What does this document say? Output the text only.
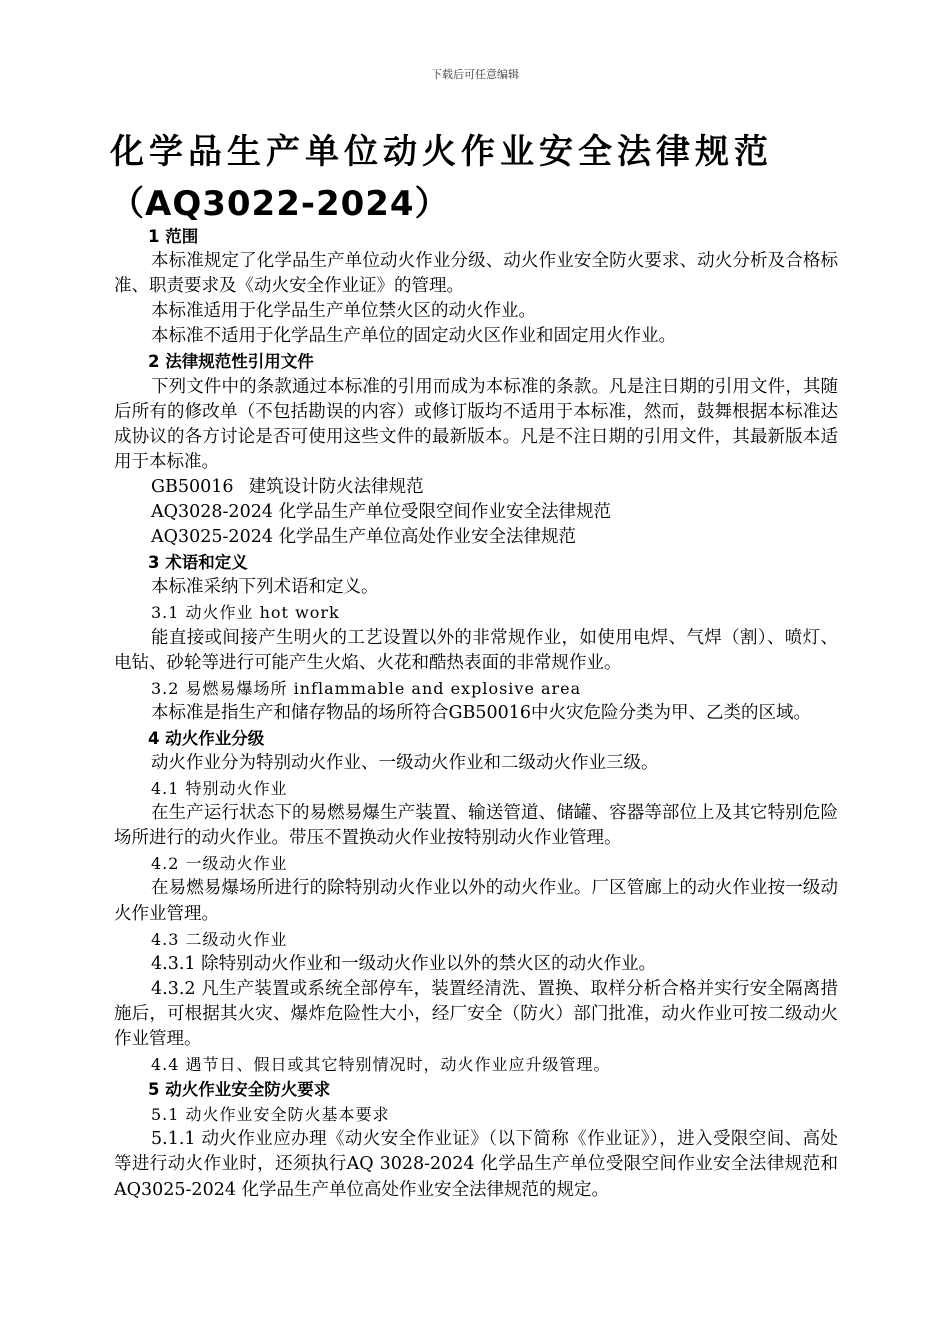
下载后可任意编辑
化学品生产单位动火作业安全法律规范
（AQ3022-2024）

1 范围

本标准规定了化学品生产单位动火作业分级、动火作业安全防火要求、动火分析及合格标准、职责要求及《动火安全作业证》的管理。

本标准适用于化学品生产单位禁火区的动火作业。

本标准不适用于化学品生产单位的固定动火区作业和固定用火作业。

2 法律规范性引用文件

下列文件中的条款通过本标准的引用而成为本标准的条款。凡是注日期的引用文件，其随后所有的修改单（不包括勘误的内容）或修订版均不适用于本标准，然而，鼓舞根据本标准达成协议的各方讨论是否可使用这些文件的最新版本。凡是不注日期的引用文件，其最新版本适用于本标准。

GB50016 建筑设计防火法律规范

AQ3028-2024 化学品生产单位受限空间作业安全法律规范

AQ3025-2024 化学品生产单位高处作业安全法律规范

3 术语和定义

本标准采纳下列术语和定义。

3.1 动火作业 hot work

能直接或间接产生明火的工艺设置以外的非常规作业，如使用电焊、气焊（割）、喷灯、电钻、砂轮等进行可能产生火焰、火花和酷热表面的非常规作业。

3.2 易燃易爆场所 inflammable and explosive area

本标准是指生产和储存物品的场所符合GB50016中火灾危险分类为甲、乙类的区域。

4 动火作业分级

动火作业分为特别动火作业、一级动火作业和二级动火作业三级。

4.1 特别动火作业

在生产运行状态下的易燃易爆生产装置、输送管道、储罐、容器等部位上及其它特别危险场所进行的动火作业。带压不置换动火作业按特别动火作业管理。

4.2 一级动火作业

在易燃易爆场所进行的除特别动火作业以外的动火作业。厂区管廊上的动火作业按一级动火作业管理。

4.3 二级动火作业

4.3.1 除特别动火作业和一级动火作业以外的禁火区的动火作业。

4.3.2 凡生产装置或系统全部停车，装置经清洗、置换、取样分析合格并实行安全隔离措施后，可根据其火灾、爆炸危险性大小，经厂安全（防火）部门批准，动火作业可按二级动火作业管理。

4.4 遇节日、假日或其它特别情况时，动火作业应升级管理。

5 动火作业安全防火要求

5.1 动火作业安全防火基本要求

5.1.1 动火作业应办理《动火安全作业证》（以下简称《作业证》），进入受限空间、高处等进行动火作业时，还须执行AQ 3028-2024 化学品生产单位受限空间作业安全法律规范和AQ3025-2024 化学品生产单位高处作业安全法律规范的规定。
